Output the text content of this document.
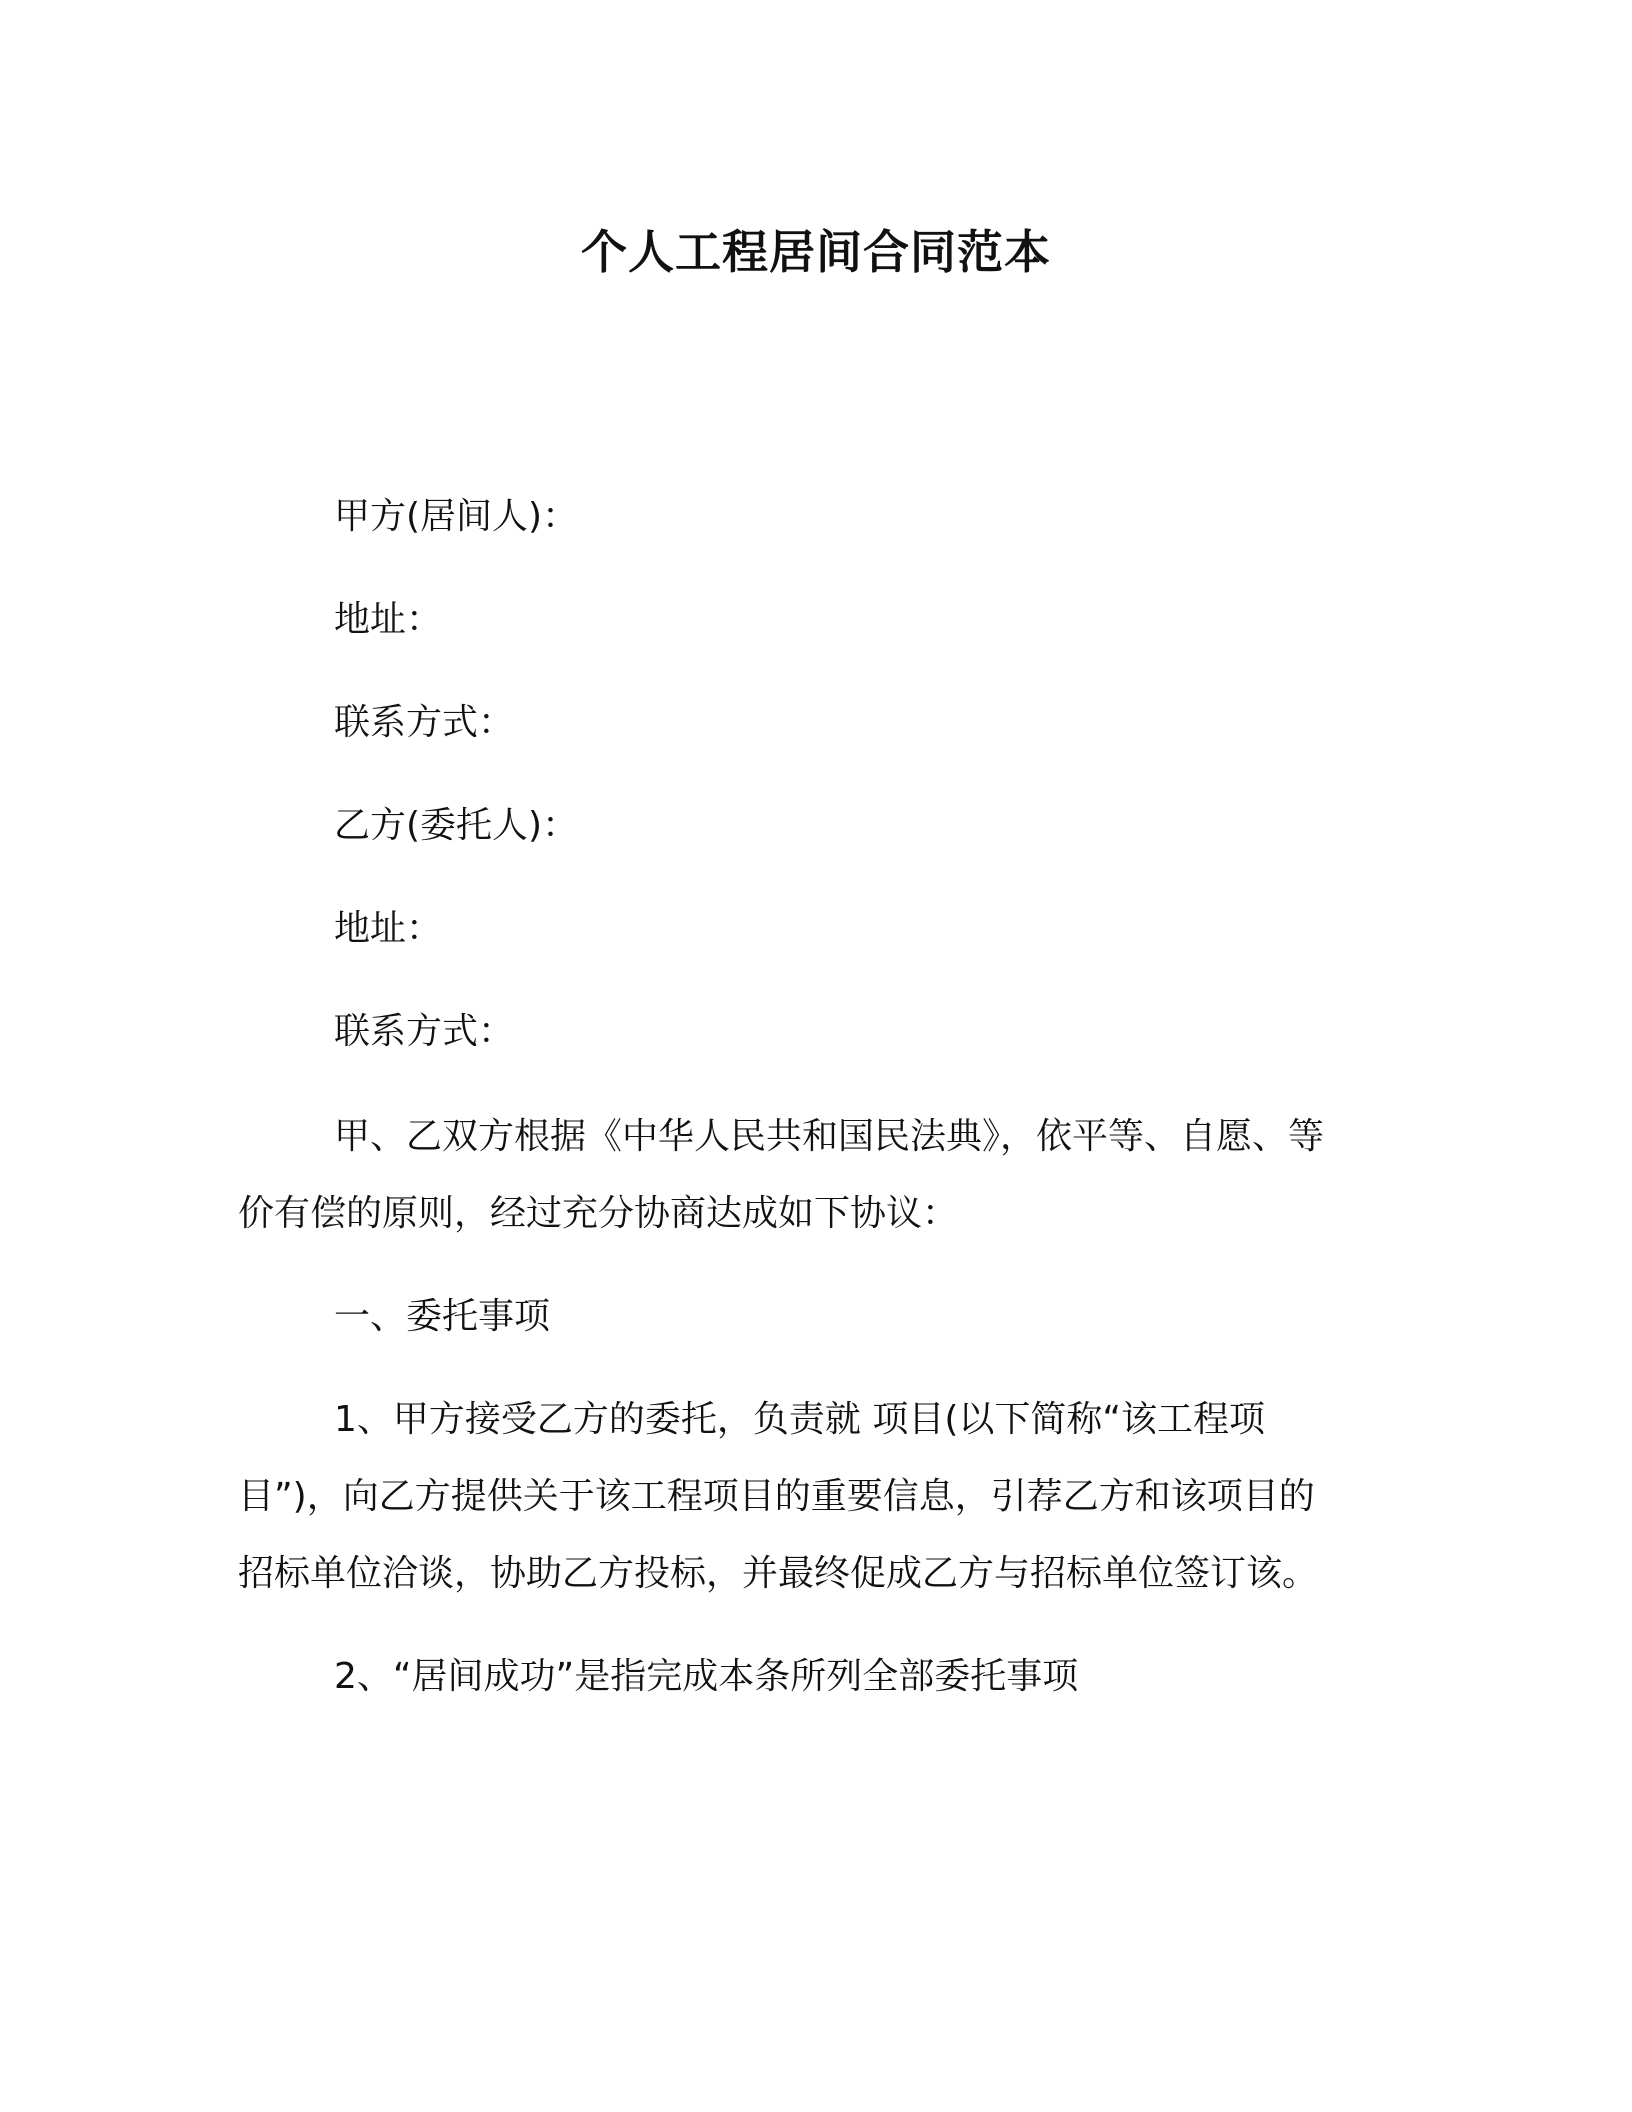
个人工程居间合同范本
甲方(居间人)：
地址：
联系方式：
乙方(委托人)：
地址：
联系方式：
甲、乙双方根据《中华人民共和国民法典》，依平等、自愿、等
价有偿的原则，经过充分协商达成如下协议：
一、委托事项
1、甲方接受乙方的委托，负责就 项目(以下简称“该工程项
目”)，向乙方提供关于该工程项目的重要信息，引荐乙方和该项目的
招标单位洽谈，协助乙方投标，并最终促成乙方与招标单位签订该。
2、“居间成功”是指完成本条所列全部委托事项
